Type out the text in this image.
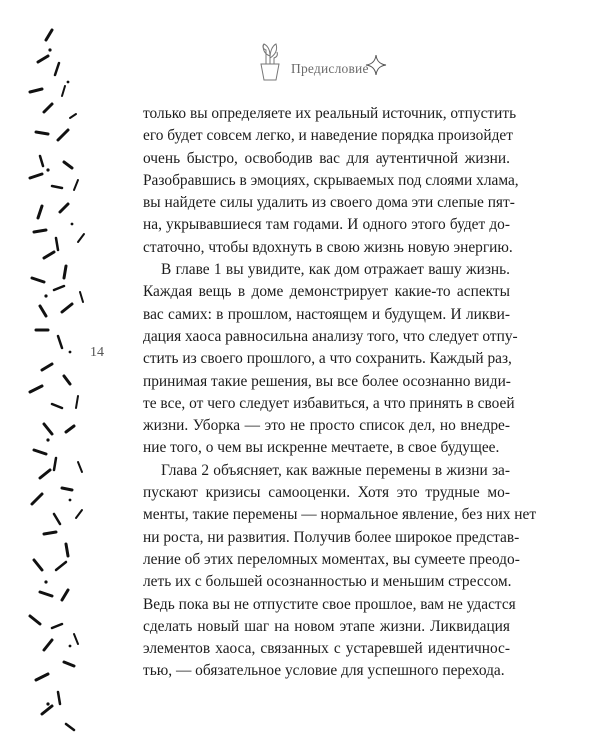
Предисловие
14

только вы определяете их реальный источник, отпустить
его будет совсем легко, и наведение порядка произойдет
очень быстро, освободив вас для аутентичной жизни.
Разобравшись в эмоциях, скрываемых под слоями хлама,
вы найдете силы удалить из своего дома эти слепые пят-
на, укрывавшиеся там годами. И одного этого будет до-
статочно, чтобы вдохнуть в свою жизнь новую энергию.

В главе 1 вы увидите, как дом отражает вашу жизнь.
Каждая вещь в доме демонстрирует какие-то аспекты
вас самих: в прошлом, настоящем и будущем. И ликви-
дация хаоса равносильна анализу того, что следует отпу-
стить из своего прошлого, а что сохранить. Каждый раз,
принимая такие решения, вы все более осознанно види-
те все, от чего следует избавиться, а что принять в своей
жизни. Уборка — это не просто список дел, но внедре-
ние того, о чем вы искренне мечтаете, в свое будущее.

Глава 2 объясняет, как важные перемены в жизни за-
пускают кризисы самооценки. Хотя это трудные мо-
менты, такие перемены — нормальное явление, без них нет
ни роста, ни развития. Получив более широкое представ-
ление об этих переломных моментах, вы сумеете преодо-
леть их с большей осознанностью и меньшим стрессом.
Ведь пока вы не отпустите свое прошлое, вам не удастся
сделать новый шаг на новом этапе жизни. Ликвидация
элементов хаоса, связанных с устаревшей идентичнос-
тью, — обязательное условие для успешного перехода.
